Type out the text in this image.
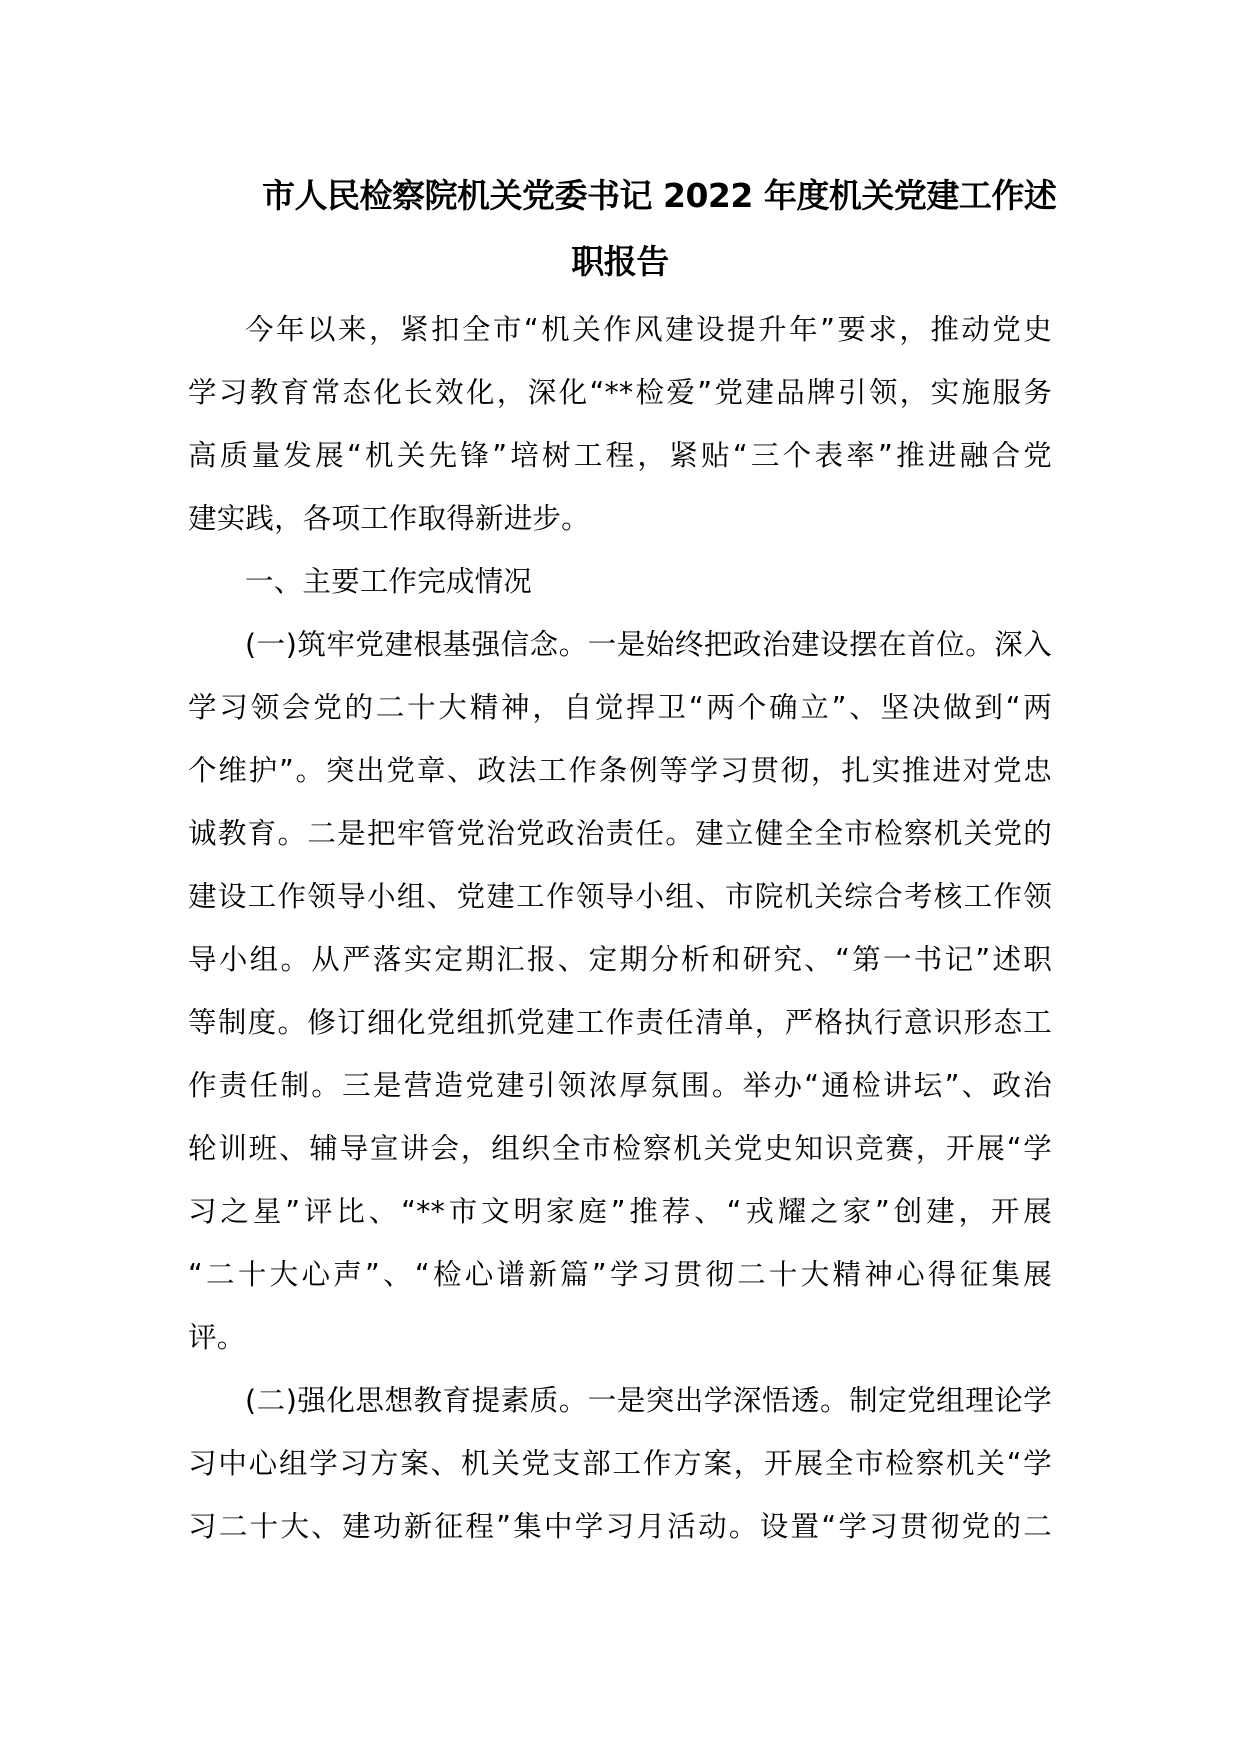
市人民检察院机关党委书记 2022 年度机关党建工作述
职报告
今年以来，紧扣全市“机关作风建设提升年”要求，推动党史
学习教育常态化长效化，深化“**检爱”党建品牌引领，实施服务
高质量发展“机关先锋”培树工程，紧贴“三个表率”推进融合党
建实践，各项工作取得新进步。
一、主要工作完成情况
(一)筑牢党建根基强信念。一是始终把政治建设摆在首位。深入
学习领会党的二十大精神，自觉捍卫“两个确立”、坚决做到“两
个维护”。突出党章、政法工作条例等学习贯彻，扎实推进对党忠
诚教育。二是把牢管党治党政治责任。建立健全全市检察机关党的
建设工作领导小组、党建工作领导小组、市院机关综合考核工作领
导小组。从严落实定期汇报、定期分析和研究、“第一书记”述职
等制度。修订细化党组抓党建工作责任清单，严格执行意识形态工
作责任制。三是营造党建引领浓厚氛围。举办“通检讲坛”、政治
轮训班、辅导宣讲会，组织全市检察机关党史知识竞赛，开展“学
习之星”评比、“**市文明家庭”推荐、“戎耀之家”创建，开展
“二十大心声”、“检心谱新篇”学习贯彻二十大精神心得征集展
评。
(二)强化思想教育提素质。一是突出学深悟透。制定党组理论学
习中心组学习方案、机关党支部工作方案，开展全市检察机关“学
习二十大、建功新征程”集中学习月活动。设置“学习贯彻党的二
